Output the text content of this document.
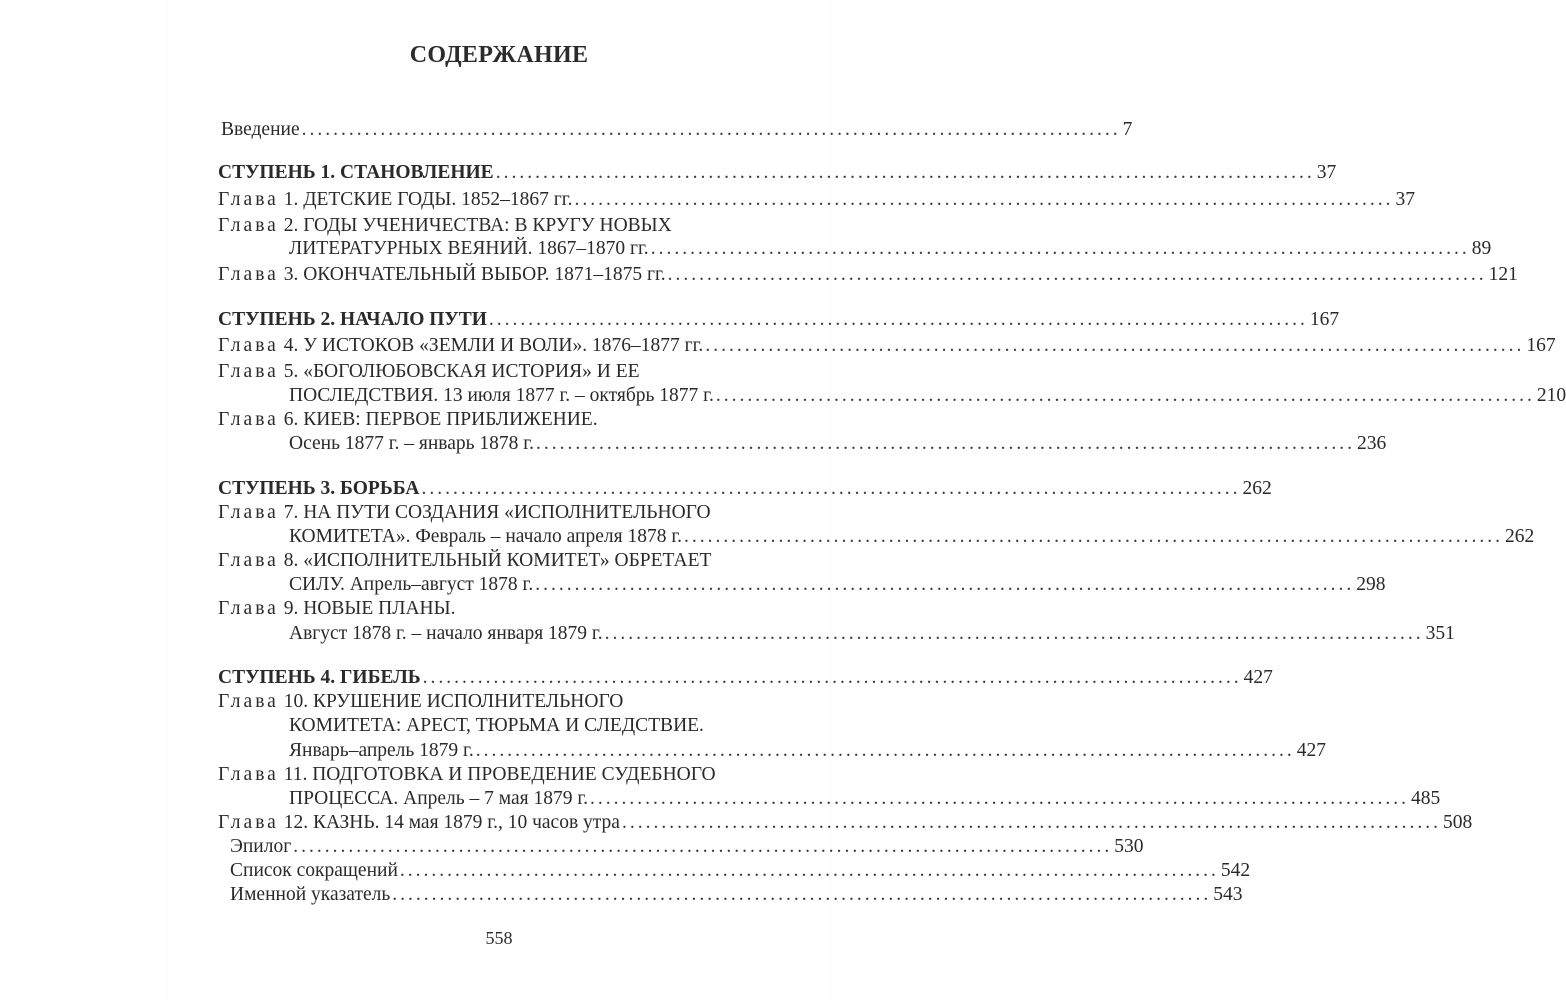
СОДЕРЖАНИЕ
Введение ........................................................................................................ 7
СТУПЕНЬ 1. СТАНОВЛЕНИЕ ........................................................................................................ 37
Глава 1. ДЕТСКИЕ ГОДЫ. 1852–1867 гг. ........................................................................................................ 37
Глава 2. ГОДЫ УЧЕНИЧЕСТВА: В КРУГУ НОВЫХ
ЛИТЕРАТУРНЫХ ВЕЯНИЙ. 1867–1870 гг. ........................................................................................................ 89
Глава 3. ОКОНЧАТЕЛЬНЫЙ ВЫБОР. 1871–1875 гг. ........................................................................................................ 121
СТУПЕНЬ 2. НАЧАЛО ПУТИ ........................................................................................................ 167
Глава 4. У ИСТОКОВ «ЗЕМЛИ И ВОЛИ». 1876–1877 гг. ........................................................................................................ 167
Глава 5. «БОГОЛЮБОВСКАЯ ИСТОРИЯ» И ЕЕ
ПОСЛЕДСТВИЯ. 13 июля 1877 г. – октябрь 1877 г. ........................................................................................................ 210
Глава 6. КИЕВ: ПЕРВОЕ ПРИБЛИЖЕНИЕ.
Осень 1877 г. – январь 1878 г. ........................................................................................................ 236
СТУПЕНЬ 3. БОРЬБА ........................................................................................................ 262
Глава 7. НА ПУТИ СОЗДАНИЯ «ИСПОЛНИТЕЛЬНОГО
КОМИТЕТА». Февраль – начало апреля 1878 г. ........................................................................................................ 262
Глава 8. «ИСПОЛНИТЕЛЬНЫЙ КОМИТЕТ» ОБРЕТАЕТ
СИЛУ. Апрель–август 1878 г. ........................................................................................................ 298
Глава 9. НОВЫЕ ПЛАНЫ.
Август 1878 г. – начало января 1879 г. ........................................................................................................ 351
СТУПЕНЬ 4. ГИБЕЛЬ ........................................................................................................ 427
Глава 10. КРУШЕНИЕ ИСПОЛНИТЕЛЬНОГО
КОМИТЕТА: АРЕСТ, ТЮРЬМА И СЛЕДСТВИЕ.
Январь–апрель 1879 г. ........................................................................................................ 427
Глава 11. ПОДГОТОВКА И ПРОВЕДЕНИЕ СУДЕБНОГО
ПРОЦЕССА. Апрель – 7 мая 1879 г. ........................................................................................................ 485
Глава 12. КАЗНЬ. 14 мая 1879 г., 10 часов утра ........................................................................................................ 508
Эпилог ........................................................................................................ 530
Список сокращений ........................................................................................................ 542
Именной указатель ........................................................................................................ 543
558
